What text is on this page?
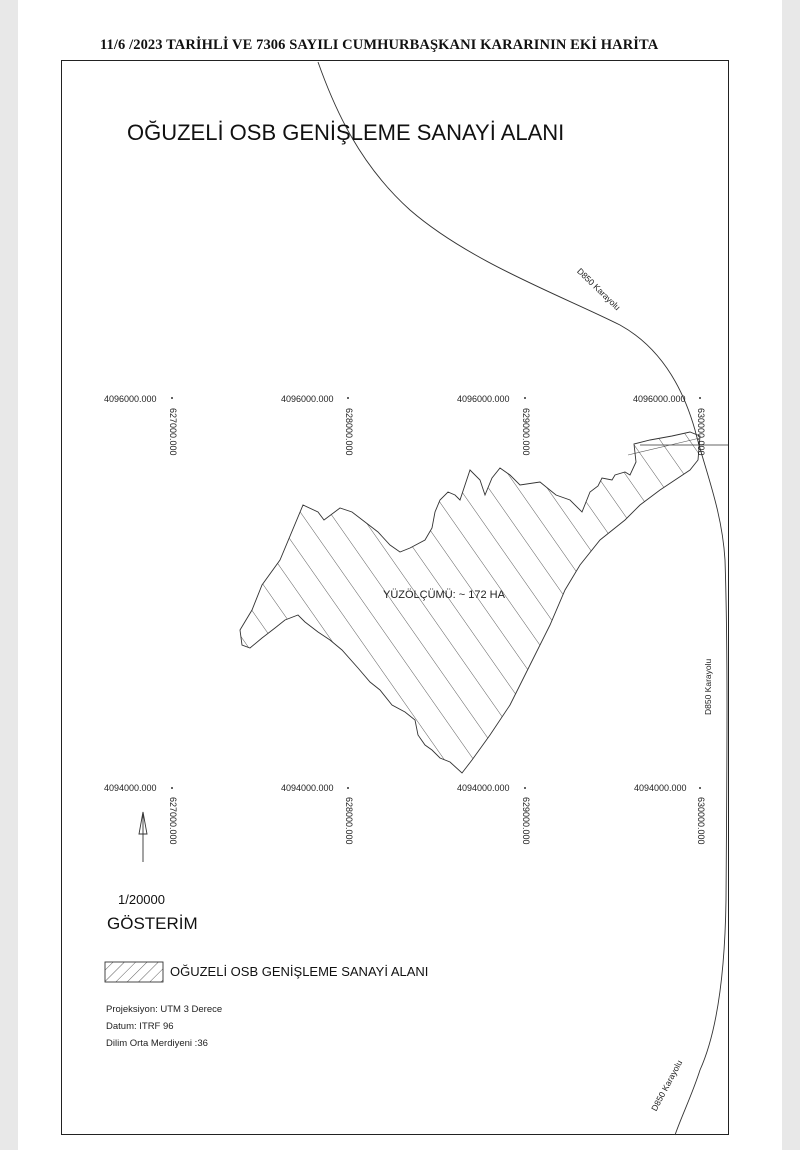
11/6 /2023 TARİHLİ VE 7306 SAYILI CUMHURBAŞKANI KARARININ EKİ HARİTA
OĞUZELİ OSB GENİŞLEME SANAYİ ALANI
4096000.000	4096000.000	4096000.000	4096000.000
627000.000	628000.000	629000.000	630000.000
4094000.000	4094000.000	4094000.000	4094000.000
627000.000	628000.000	629000.000	630000.000
D850 Karayolu
D850 Karayolu
D850 Karayolu
YÜZÖLÇÜMÜ: ~ 172 HA
1/20000
GÖSTERİM
OĞUZELİ OSB GENİŞLEME SANAYİ ALANI
Projeksiyon: UTM 3 Derece
Datum: ITRF 96
Dilim Orta Merdiyeni :36
